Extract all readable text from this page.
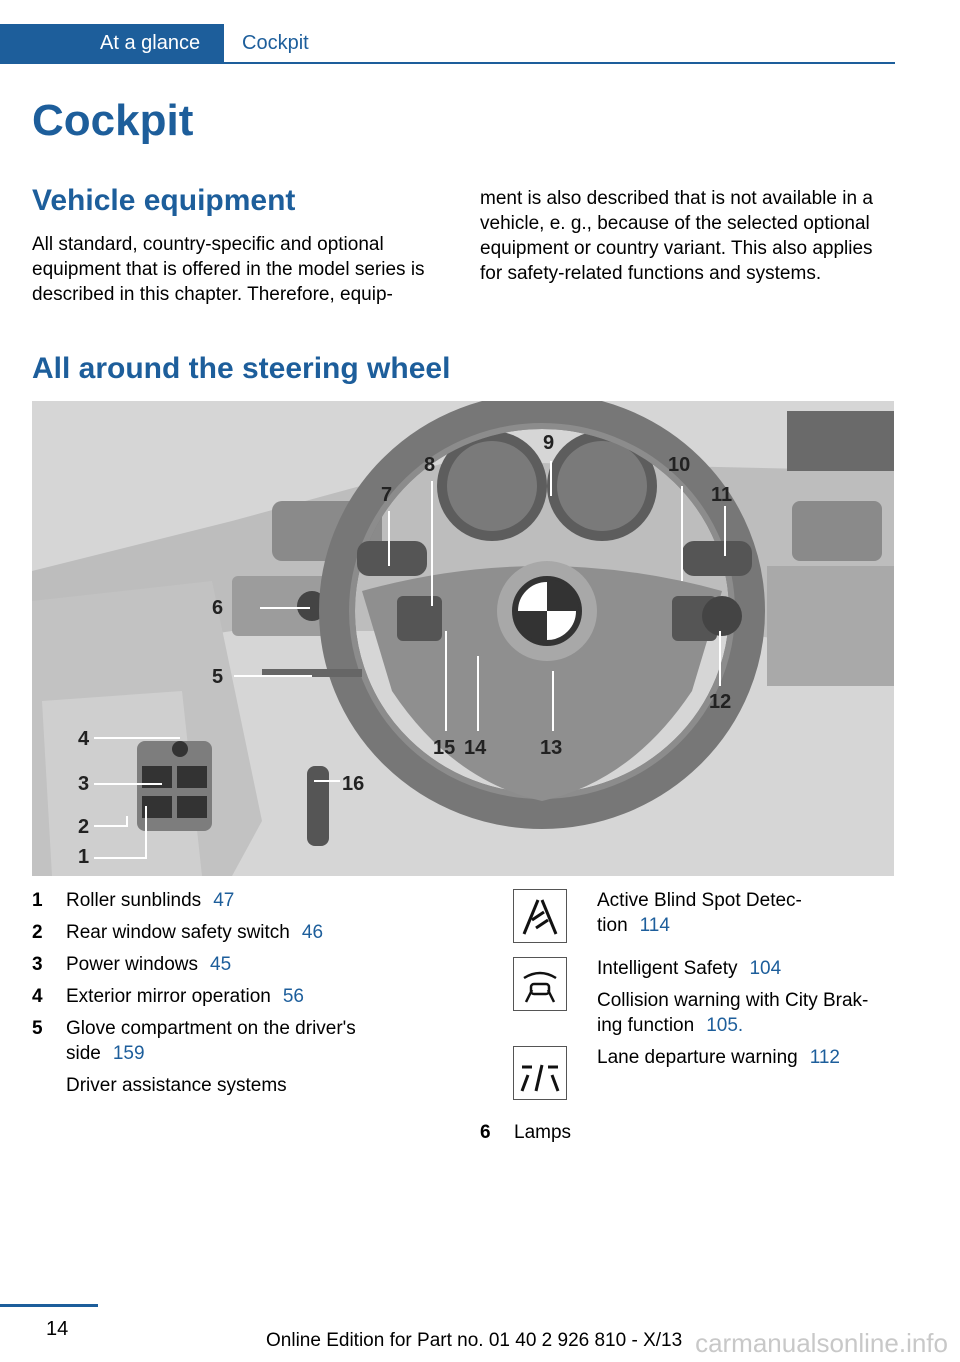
At a glance	Cockpit
Cockpit
Vehicle equipment
All standard, country-specific and optional equipment that is offered in the model series is described in this chapter. Therefore, equip-
ment is also described that is not available in a vehicle, e. g., because of the selected optional equipment or country variant. This also applies for safety-related functions and systems.
All around the steering wheel
1
2
3
4
5
6
7
8
9
10
11
12
13
14
15
16
1	Roller sunblinds 47
2	Rear window safety switch 46
3	Power windows 45
4	Exterior mirror operation 56
5	Glove compartment on the driver's side 159
Driver assistance systems
Active Blind Spot Detec-tion 114
Intelligent Safety 104
Collision warning with City Brak-ing function 105.
Lane departure warning 112
6	Lamps
14
Online Edition for Part no. 01 40 2 926 810 - X/13 carmanualsonline.info
